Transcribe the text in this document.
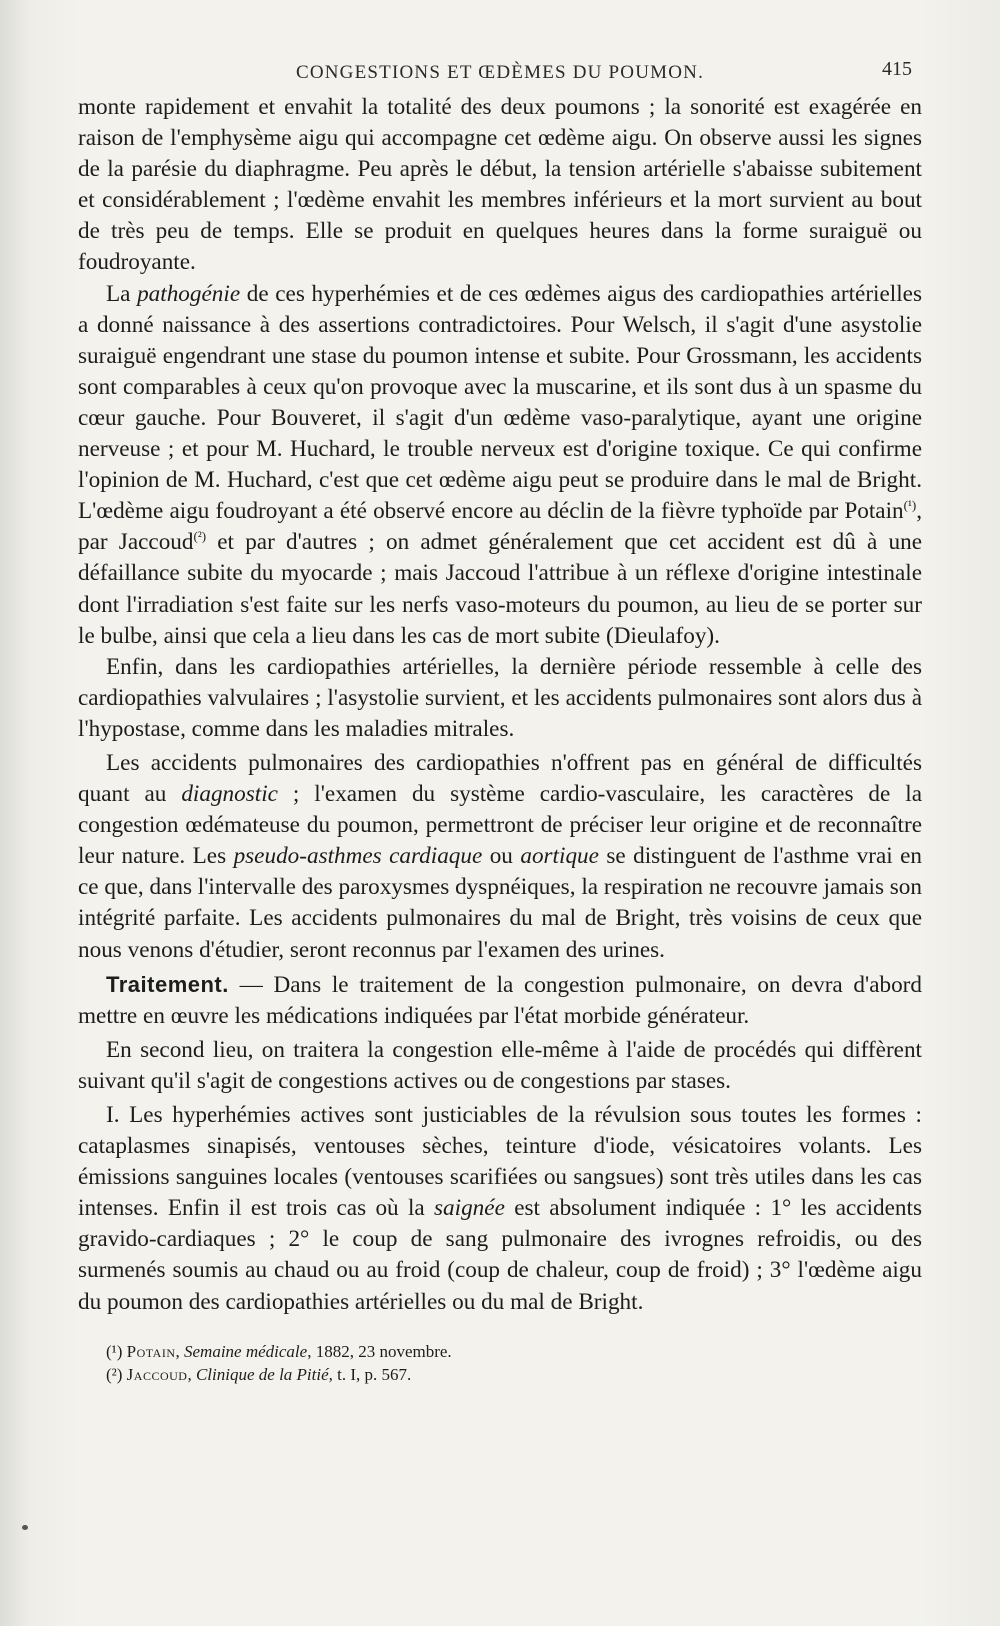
CONGESTIONS ET ŒDÈMES DU POUMON.	415

monte rapidement et envahit la totalité des deux poumons ; la sonorité est exagérée en raison de l'emphysème aigu qui accompagne cet œdème aigu. On observe aussi les signes de la parésie du diaphragme. Peu après le début, la tension artérielle s'abaisse subitement et considérablement ; l'œdème envahit les membres inférieurs et la mort survient au bout de très peu de temps. Elle se produit en quelques heures dans la forme suraiguë ou foudroyante.

La pathogénie de ces hyperhémies et de ces œdèmes aigus des cardiopathies artérielles a donné naissance à des assertions contradictoires. Pour Welsch, il s'agit d'une asystolie suraiguë engendrant une stase du poumon intense et subite. Pour Grossmann, les accidents sont comparables à ceux qu'on provoque avec la muscarine, et ils sont dus à un spasme du cœur gauche. Pour Bouveret, il s'agit d'un œdème vaso-paralytique, ayant une origine nerveuse ; et pour M. Huchard, le trouble nerveux est d'origine toxique. Ce qui confirme l'opinion de M. Huchard, c'est que cet œdème aigu peut se produire dans le mal de Bright. L'œdème aigu foudroyant a été observé encore au déclin de la fièvre typhoïde par Potain$^{(^1)}$, par Jaccoud$^{(^2)}$ et par d'autres ; on admet généralement que cet accident est dû à une défaillance subite du myocarde ; mais Jaccoud l'attribue à un réflexe d'origine intestinale dont l'irradiation s'est faite sur les nerfs vaso-moteurs du poumon, au lieu de se porter sur le bulbe, ainsi que cela a lieu dans les cas de mort subite (Dieulafoy).

Enfin, dans les cardiopathies artérielles, la dernière période ressemble à celle des cardiopathies valvulaires ; l'asystolie survient, et les accidents pulmonaires sont alors dus à l'hypostase, comme dans les maladies mitrales.

Les accidents pulmonaires des cardiopathies n'offrent pas en général de difficultés quant au diagnostic ; l'examen du système cardio-vasculaire, les caractères de la congestion œdémateuse du poumon, permettront de préciser leur origine et de reconnaître leur nature. Les pseudo-asthmes cardiaque ou aortique se distinguent de l'asthme vrai en ce que, dans l'intervalle des paroxysmes dyspnéiques, la respiration ne recouvre jamais son intégrité parfaite. Les accidents pulmonaires du mal de Bright, très voisins de ceux que nous venons d'étudier, seront reconnus par l'examen des urines.

Traitement. — Dans le traitement de la congestion pulmonaire, on devra d'abord mettre en œuvre les médications indiquées par l'état morbide générateur.

En second lieu, on traitera la congestion elle-même à l'aide de procédés qui diffèrent suivant qu'il s'agit de congestions actives ou de congestions par stases.

I. Les hyperhémies actives sont justiciables de la révulsion sous toutes les formes : cataplasmes sinapisés, ventouses sèches, teinture d'iode, vésicatoires volants. Les émissions sanguines locales (ventouses scarifiées ou sangsues) sont très utiles dans les cas intenses. Enfin il est trois cas où la saignée est absolument indiquée : 1° les accidents gravido-cardiaques ; 2° le coup de sang pulmonaire des ivrognes refroidis, ou des surmenés soumis au chaud ou au froid (coup de chaleur, coup de froid) ; 3° l'œdème aigu du poumon des cardiopathies artérielles ou du mal de Bright.

(¹) Potain, Semaine médicale, 1882, 23 novembre.

(²) Jaccoud, Clinique de la Pitié, t. I, p. 567.
